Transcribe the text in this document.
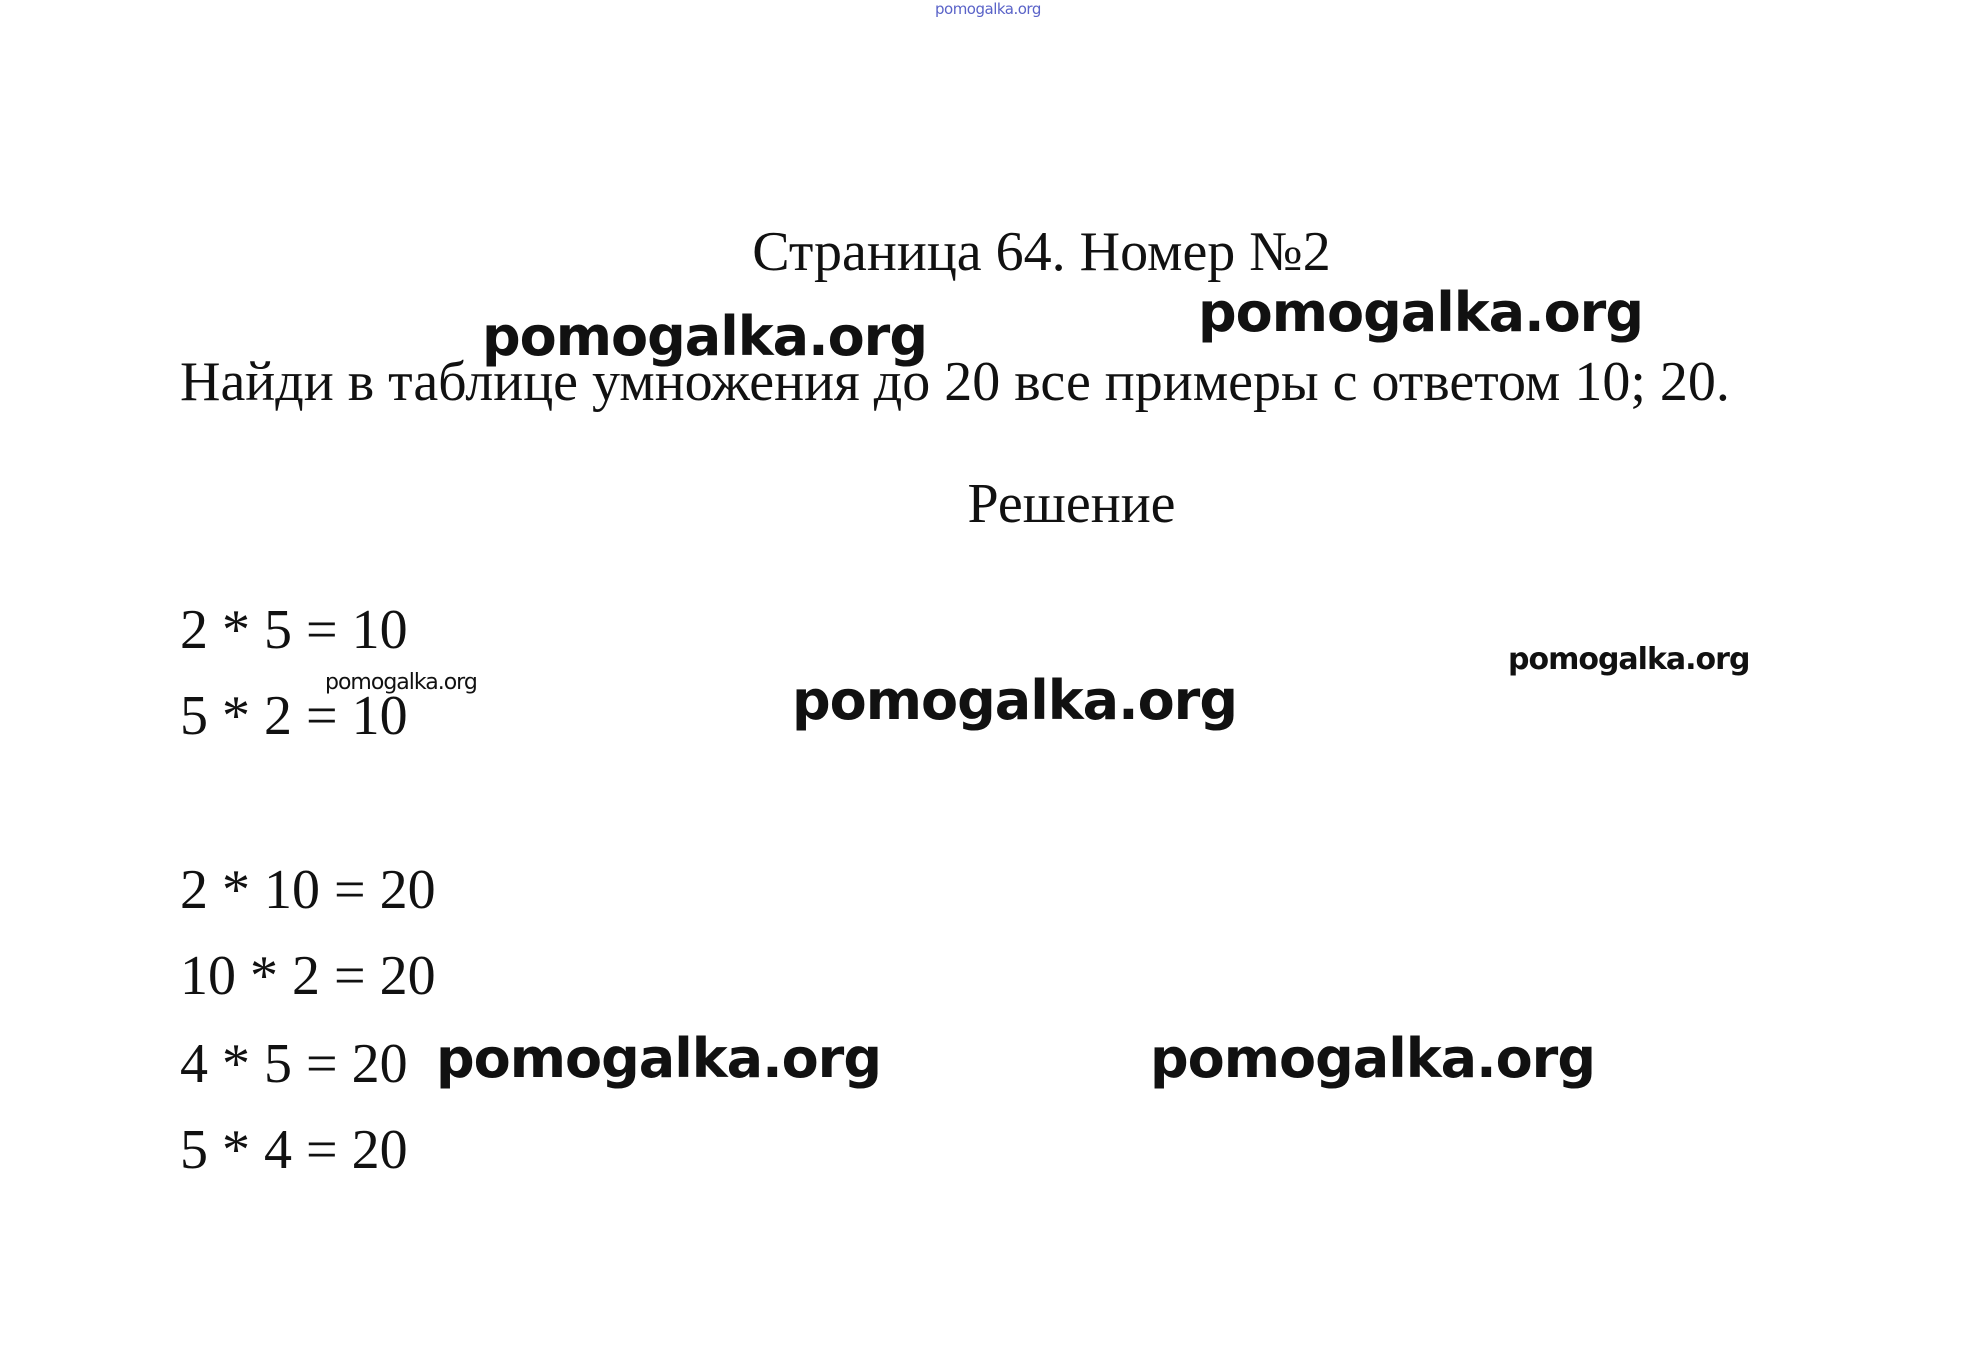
pomogalka.org
Страница 64. Номер №2
Найди в таблице умножения до 20 все примеры с ответом 10; 20.
Решение
2 * 5 = 10
5 * 2 = 10
2 * 10 = 20
10 * 2 = 20
4 * 5 = 20
5 * 4 = 20
pomogalka.org	pomogalka.org
pomogalka.org
pomogalka.org
pomogalka.org
pomogalka.org	pomogalka.org
